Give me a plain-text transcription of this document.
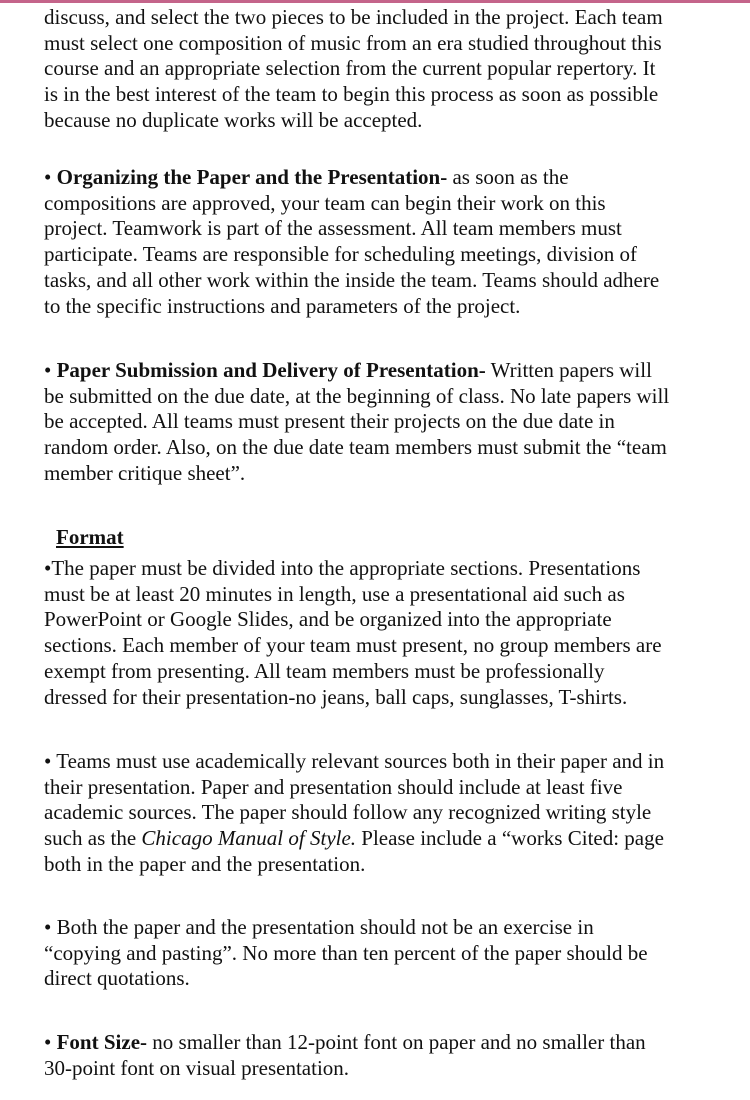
discuss, and select the two pieces to be included in the project. Each team
must select one composition of music from an era studied throughout this
course and an appropriate selection from the current popular repertory. It
is in the best interest of the team to begin this process as soon as possible
because no duplicate works will be accepted.
• Organizing the Paper and the Presentation- as soon as the
compositions are approved, your team can begin their work on this
project. Teamwork is part of the assessment. All team members must
participate. Teams are responsible for scheduling meetings, division of
tasks, and all other work within the inside the team. Teams should adhere
to the specific instructions and parameters of the project.
• Paper Submission and Delivery of Presentation- Written papers will
be submitted on the due date, at the beginning of class. No late papers will
be accepted. All teams must present their projects on the due date in
random order. Also, on the due date team members must submit the “team
member critique sheet”.
Format
•The paper must be divided into the appropriate sections. Presentations
must be at least 20 minutes in length, use a presentational aid such as
PowerPoint or Google Slides, and be organized into the appropriate
sections. Each member of your team must present, no group members are
exempt from presenting. All team members must be professionally
dressed for their presentation-no jeans, ball caps, sunglasses, T-shirts.
• Teams must use academically relevant sources both in their paper and in
their presentation. Paper and presentation should include at least five
academic sources. The paper should follow any recognized writing style
such as the Chicago Manual of Style. Please include a “works Cited: page
both in the paper and the presentation.
• Both the paper and the presentation should not be an exercise in
“copying and pasting”. No more than ten percent of the paper should be
direct quotations.
• Font Size- no smaller than 12-point font on paper and no smaller than
30-point font on visual presentation.
